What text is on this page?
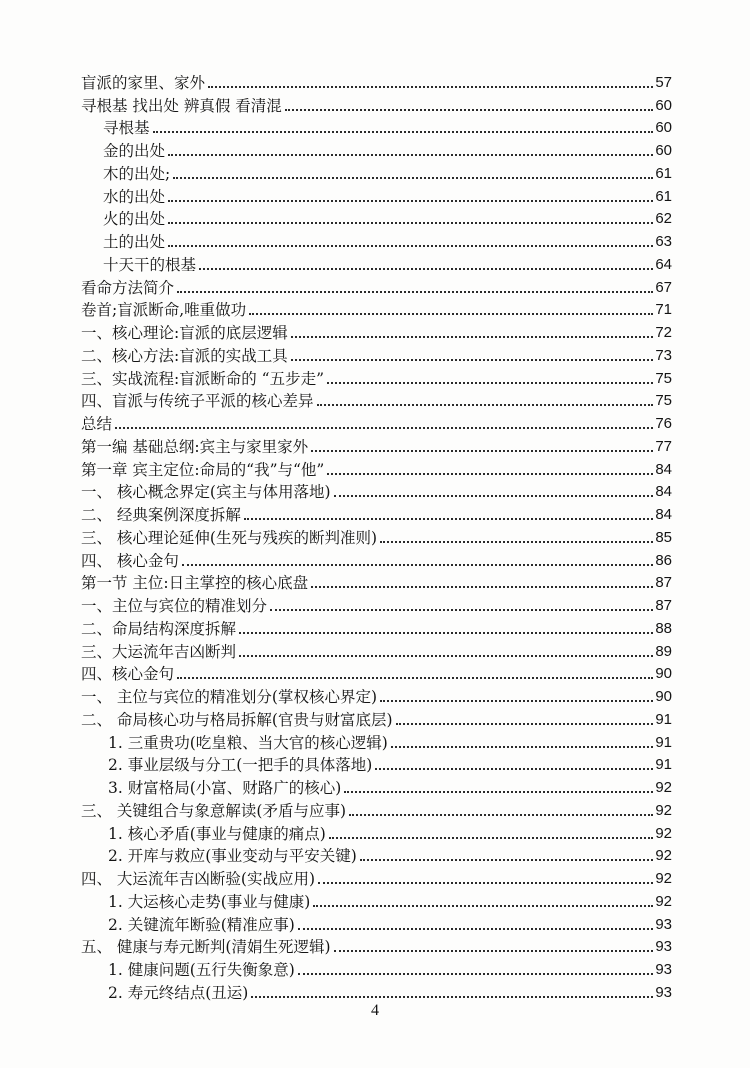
盲派的家里、家外	57
寻根基 找出处 辨真假 看清混	60
寻根基	60
金的出处	60
木的出处;	61
水的出处	61
火的出处	62
土的出处	63
十天干的根基	64
看命方法简介	67
卷首;盲派断命,唯重做功	71
一、核心理论:盲派的底层逻辑	72
二、核心方法:盲派的实战工具	73
三、实战流程:盲派断命的 “五步走”	75
四、盲派与传统子平派的核心差异	75
总结	76
第一编 基础总纲:宾主与家里家外	77
第一章 宾主定位:命局的“我”与“他”	84
一、 核心概念界定(宾主与体用落地)	84
二、 经典案例深度拆解	84
三、 核心理论延伸(生死与残疾的断判准则)	85
四、 核心金句	86
第一节 主位:日主掌控的核心底盘	87
一、主位与宾位的精准划分	87
二、命局结构深度拆解	88
三、大运流年吉凶断判	89
四、核心金句	90
一、 主位与宾位的精准划分(掌权核心界定)	90
二、 命局核心功与格局拆解(官贵与财富底层)	91
1. 三重贵功(吃皇粮、当大官的核心逻辑)	91
2. 事业层级与分工(一把手的具体落地)	91
3. 财富格局(小富、财路广的核心)	92
三、 关键组合与象意解读(矛盾与应事)	92
1. 核心矛盾(事业与健康的痛点)	92
2. 开库与救应(事业变动与平安关键)	92
四、 大运流年吉凶断验(实战应用)	92
1. 大运核心走势(事业与健康)	92
2. 关键流年断验(精准应事)	93
五、 健康与寿元断判(清娟生死逻辑)	93
1. 健康问题(五行失衡象意)	93
2. 寿元终结点(丑运)	93
4
